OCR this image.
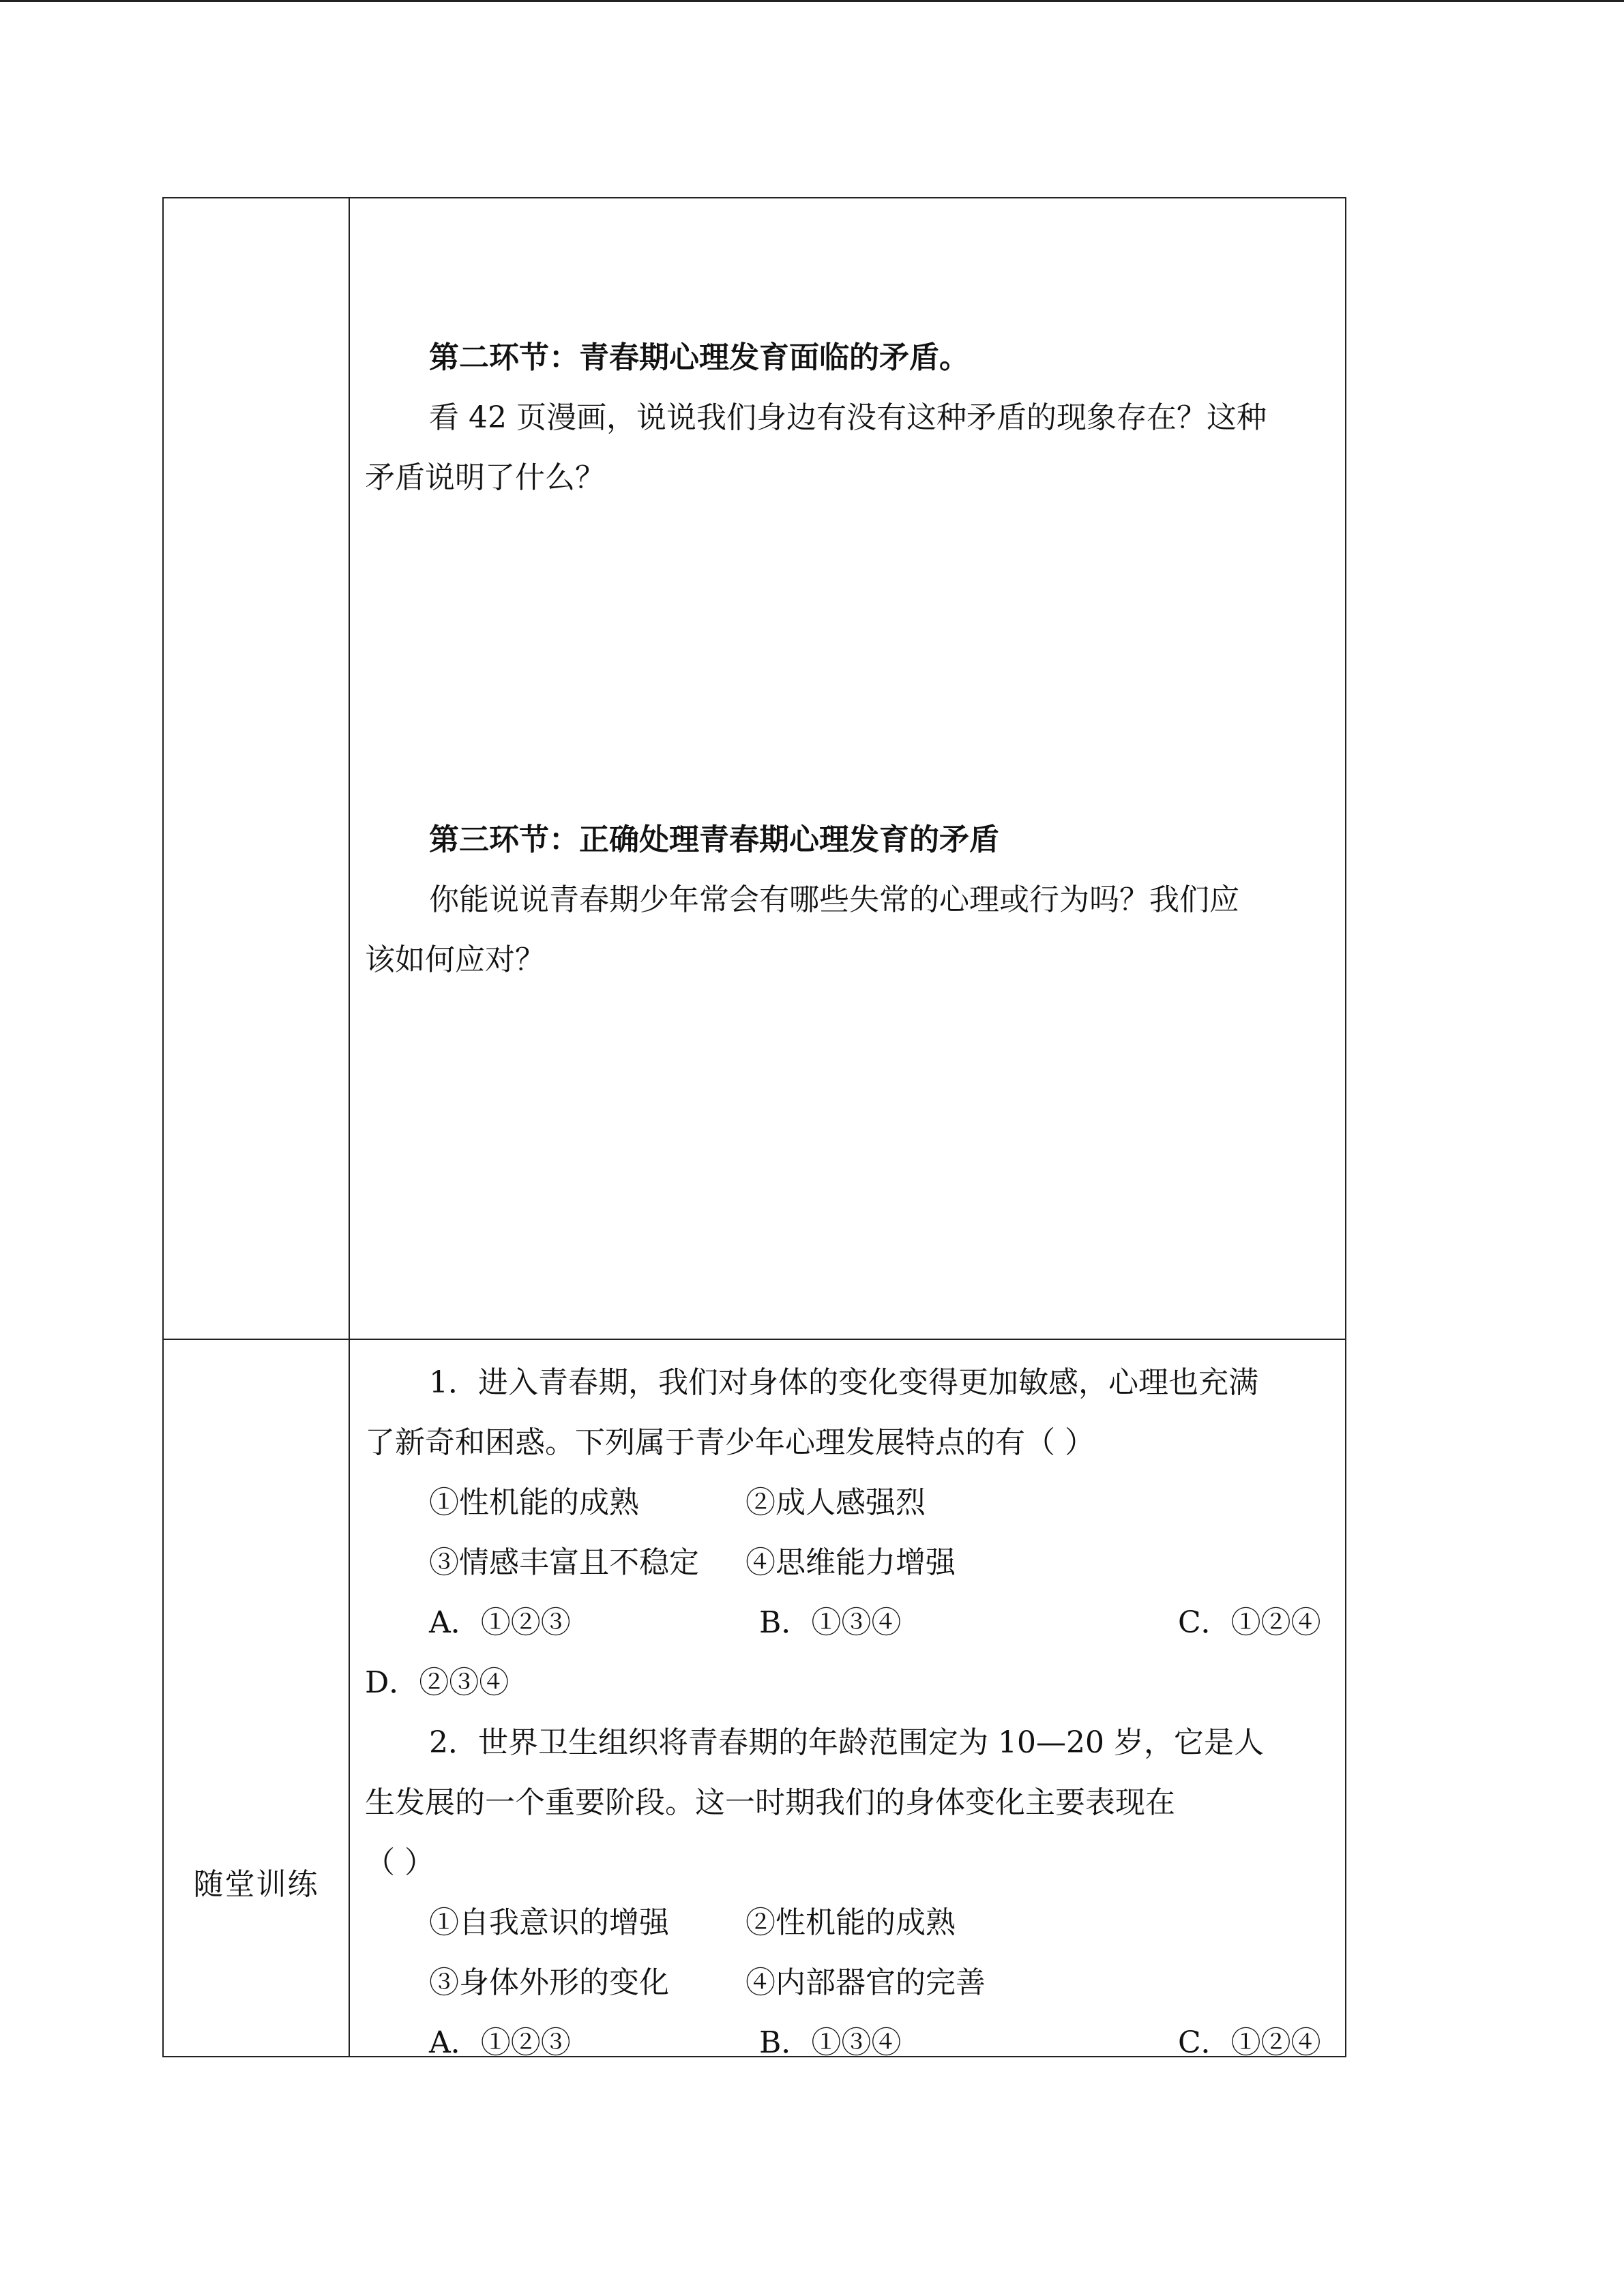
第二环节：青春期心理发育面临的矛盾。

看 42 页漫画，说说我们身边有没有这种矛盾的现象存在？这种

矛盾说明了什么？

第三环节：正确处理青春期心理发育的矛盾

你能说说青春期少年常会有哪些失常的心理或行为吗？我们应

该如何应对？

随堂训练

1．进入青春期，我们对身体的变化变得更加敏感，心理也充满

了新奇和困惑。下列属于青少年心理发展特点的有（ ）

①性机能的成熟	②成人感强烈
③情感丰富且不稳定 ④思维能力增强
A．①②③	B．①③④	C．①②④

D．②③④

2．世界卫生组织将青春期的年龄范围定为 10—20 岁，它是人

生发展的一个重要阶段。这一时期我们的身体变化主要表现在

（ ）

①自我意识的增强	②性机能的成熟
③身体外形的变化	④内部器官的完善
A．①②③	B．①③④	C．①②④
